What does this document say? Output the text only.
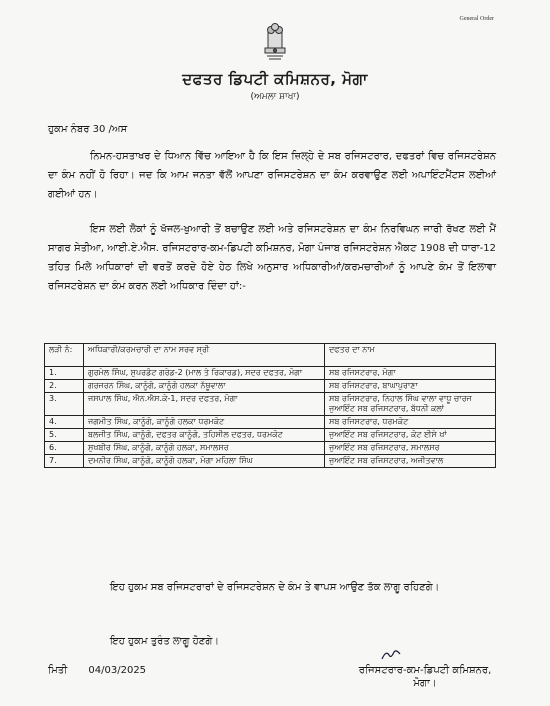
General Order
ਦਫਤਰ ਡਿਪਟੀ ਕਮਿਸ਼ਨਰ, ਮੋਗਾ
(ਅਮਲਾ ਸ਼ਾਖਾ)
ਹੁਕਮ ਨੰਬਰ 30 /ਅਸ

ਨਿਮਨ-ਹਸਤਾਖਰ ਦੇ ਧਿਆਨ ਵਿੱਚ ਆਇਆ ਹੈ ਕਿ ਇਸ ਜ਼ਿਲ੍ਹੇ ਦੇ ਸਬ ਰਜਿਸਟਰਾਰ, ਦਫਤਰਾਂ ਵਿਚ ਰਜਿਸਟਰੇਸ਼ਨ ਦਾ ਕੰਮ ਨਹੀਂ ਹੋ ਰਿਹਾ। ਜਦ ਕਿ ਆਮ ਜਨਤਾ ਵੱਲੋਂ ਆਪਣਾ ਰਜਿਸਟਰੇਸ਼ਨ ਦਾ ਕੰਮ ਕਰਵਾਉਣ ਲਈ ਅਪਾਇੰਟਮੈਂਟਸ ਲਈਆਂ ਗਈਆਂ ਹਨ।

ਇਸ ਲਈ ਲੋਕਾਂ ਨੂੰ ਖੱਜਲ-ਖੁਆਰੀ ਤੋਂ ਬਚਾਉਣ ਲਈ ਅਤੇ ਰਜਿਸਟਰੇਸ਼ਨ ਦਾ ਕੰਮ ਨਿਰਵਿਘਨ ਜਾਰੀ ਰੱਖਣ ਲਈ ਮੈਂ ਸਾਗਰ ਸੇਤੀਆ, ਆਈ.ਏ.ਐਸ. ਰਜਿਸਟਰਾਰ-ਕਮ-ਡਿਪਟੀ ਕਮਿਸ਼ਨਰ, ਮੋਗਾ ਪੰਜਾਬ ਰਜਿਸਟਰੇਸ਼ਨ ਐਕਟ 1908 ਦੀ ਧਾਰਾ-12 ਤਹਿਤ ਮਿਲੇ ਅਧਿਕਾਰਾਂ ਦੀ ਵਰਤੋਂ ਕਰਦੇ ਹੋਏ ਹੇਠ ਲਿਖੇ ਅਨੁਸਾਰ ਅਧਿਕਾਰੀਆਂ/ਕਰਮਚਾਰੀਆਂ ਨੂੰ ਆਪਣੇ ਕੰਮ ਤੋਂ ਇਲਾਵਾ ਰਜਿਸਟਰੇਸ਼ਨ ਦਾ ਕੰਮ ਕਰਨ ਲਈ ਅਧਿਕਾਰ ਦਿੰਦਾ ਹਾਂ:-

ਲੜੀ ਨੰ:	ਅਧਿਕਾਰੀ/ਕਰਮਚਾਰੀ ਦਾ ਨਾਮ ਸਰਵ ਸ੍ਰੀ	ਦਫਤਰ ਦਾ ਨਾਮ
1.	ਗੁਰਮੇਲ ਸਿੰਘ, ਸੁਪਰਡੰਟ ਗਰੇਡ-2 (ਮਾਲ ਤੇ ਰਿਕਾਰਡ), ਸਦਰ ਦਫਤਰ, ਮੋਗਾ	ਸਬ ਰਜਿਸਟਰਾਰ, ਮੋਗਾ
2.	ਗਰਜਰਨ ਸਿੰਘ, ਕਾਨੂੰਗੋ, ਕਾਨੂੰਗੋ ਹਲਕਾ ਨੱਥੂਵਾਲਾ	ਸਬ ਰਜਿਸਟਰਾਰ, ਬਾਘਾਪੁਰਾਣਾ
3.	ਜਸਪਾਲ ਸਿੰਘ, ਐਨ.ਐਸ.ਕੇ-1, ਸਦਰ ਦਫਤਰ, ਮੋਗਾ	ਸਬ ਰਜਿਸਟਰਾਰ, ਨਿਹਾਲ ਸਿੰਘ ਵਾਲਾ ਵਾਧੂ ਚਾਰਜ ਜੁਆਇੰਟ ਸਬ ਰਜਿਸਟਰਾਰ, ਬੱਧਨੀ ਕਲਾਂ
4.	ਜਗਮੀਤ ਸਿੰਘ, ਕਾਨੂੰਗੋ, ਕਾਨੂੰਗੋ ਹਲਕਾ ਧਰਮਕੋਟ	ਸਬ ਰਜਿਸਟਰਾਰ, ਧਰਮਕੋਟ
5.	ਬਲਜੀਤ ਸਿੰਘ, ਕਾਨੂੰਗੋ, ਦਫਤਰ ਕਾਨੂੰਗੋ, ਤਹਿਸੀਲ ਦਫਤਰ, ਧਰਮਕੋਟ	ਜੁਆਇੰਟ ਸਬ ਰਜਿਸਟਰਾਰ, ਕੋਟ ਈਸੇ ਖਾਂ
6.	ਸੁਖਬੀਰ ਸਿੰਘ, ਕਾਨੂੰਗੋ, ਕਾਨੂੰਗੋ ਹਲਕਾ, ਸਮਾਲਸਰ	ਜੁਆਇੰਟ ਸਬ ਰਜਿਸਟਰਾਰ, ਸਮਾਲਸਰ
7.	ਦਮਨੀਰ ਸਿੰਘ, ਕਾਨੂੰਗੋ, ਕਾਨੂੰਗੋ ਹਲਕਾ, ਮੋਗਾ ਮਹਿਲਾ ਸਿੰਘ	ਜੁਆਇੰਟ ਸਬ ਰਜਿਸਟਰਾਰ, ਅਜੀਤਵਾਲ

ਇਹ ਹੁਕਮ ਸਬ ਰਜਿਸਟਰਾਰਾਂ ਦੇ ਰਜਿਸਟਰੇਸ਼ਨ ਦੇ ਕੰਮ ਤੇ ਵਾਪਸ ਆਉਣ ਤੱਕ ਲਾਗੂ ਰਹਿਣਗੇ।

ਇਹ ਹੁਕਮ ਤੁਰੰਤ ਲਾਗੂ ਹੋਣਗੇ।
ਮਿਤੀ 04/03/2025	ਰਜਿਸਟਰਾਰ-ਕਮ-ਡਿਪਟੀ ਕਮਿਸ਼ਨਰ,
ਮੋਗਾ।
